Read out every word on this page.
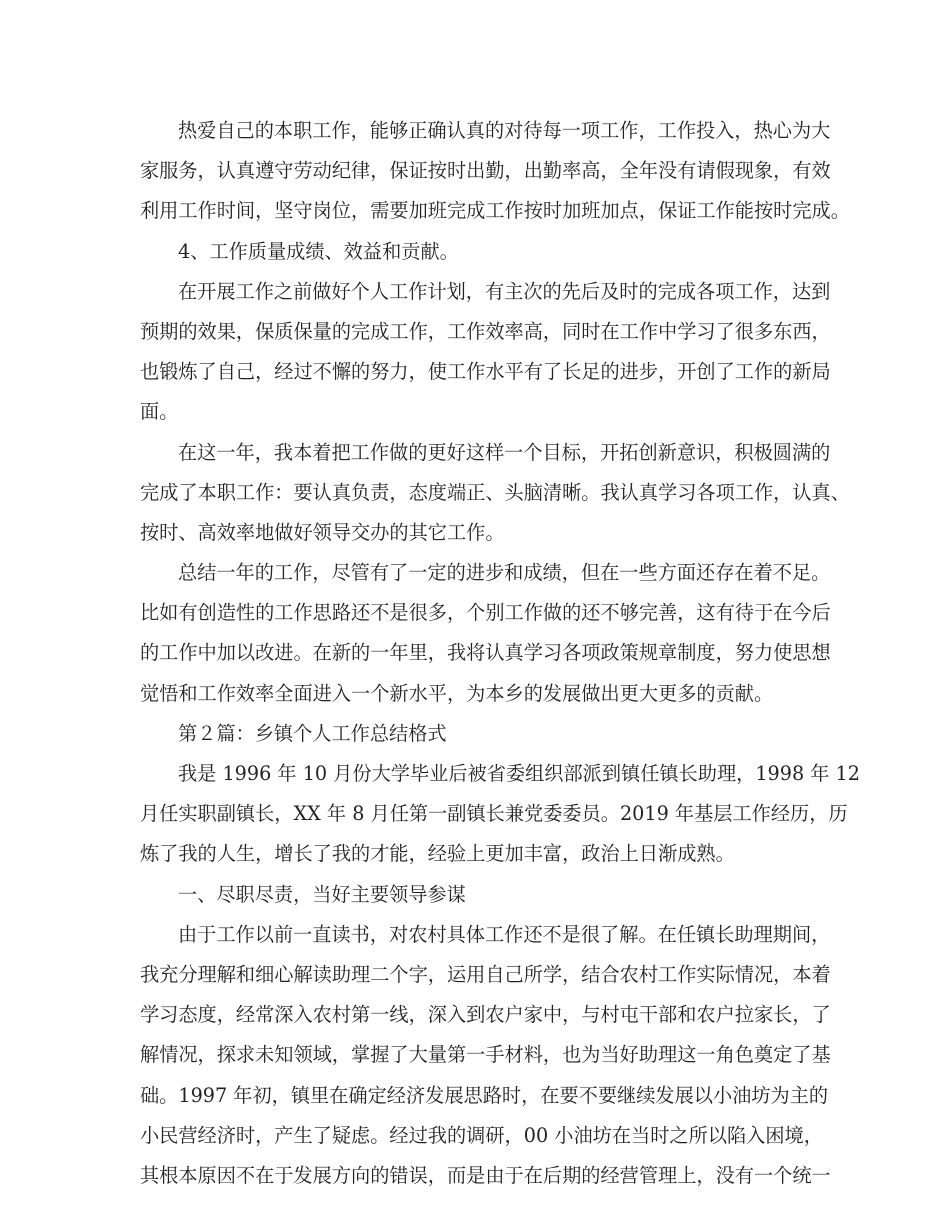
热爱自己的本职工作，能够正确认真的对待每一项工作，工作投入，热心为大
家服务，认真遵守劳动纪律，保证按时出勤，出勤率高，全年没有请假现象，有效
利用工作时间，坚守岗位，需要加班完成工作按时加班加点，保证工作能按时完成。
4、工作质量成绩、效益和贡献。
在开展工作之前做好个人工作计划，有主次的先后及时的完成各项工作，达到
预期的效果，保质保量的完成工作，工作效率高，同时在工作中学习了很多东西，
也锻炼了自己，经过不懈的努力，使工作水平有了长足的进步，开创了工作的新局
面。
在这一年，我本着把工作做的更好这样一个目标，开拓创新意识，积极圆满的
完成了本职工作：要认真负责，态度端正、头脑清晰。我认真学习各项工作，认真、
按时、高效率地做好领导交办的其它工作。
总结一年的工作，尽管有了一定的进步和成绩，但在一些方面还存在着不足。
比如有创造性的工作思路还不是很多，个别工作做的还不够完善，这有待于在今后
的工作中加以改进。在新的一年里，我将认真学习各项政策规章制度，努力使思想
觉悟和工作效率全面进入一个新水平，为本乡的发展做出更大更多的贡献。
第２篇：乡镇个人工作总结格式
我是 1996 年 10 月份大学毕业后被省委组织部派到镇任镇长助理，1998 年 12
月任实职副镇长，XX 年 8 月任第一副镇长兼党委委员。2019 年基层工作经历，历
炼了我的人生，增长了我的才能，经验上更加丰富，政治上日渐成熟。
一、尽职尽责，当好主要领导参谋
由于工作以前一直读书，对农村具体工作还不是很了解。在任镇长助理期间，
我充分理解和细心解读助理二个字，运用自己所学，结合农村工作实际情况，本着
学习态度，经常深入农村第一线，深入到农户家中，与村屯干部和农户拉家长，了
解情况，探求未知领域，掌握了大量第一手材料，也为当好助理这一角色奠定了基
础。1997 年初，镇里在确定经济发展思路时，在要不要继续发展以小油坊为主的
小民营经济时，产生了疑虑。经过我的调研，00 小油坊在当时之所以陷入困境，
其根本原因不在于发展方向的错误，而是由于在后期的经营管理上，没有一个统一
